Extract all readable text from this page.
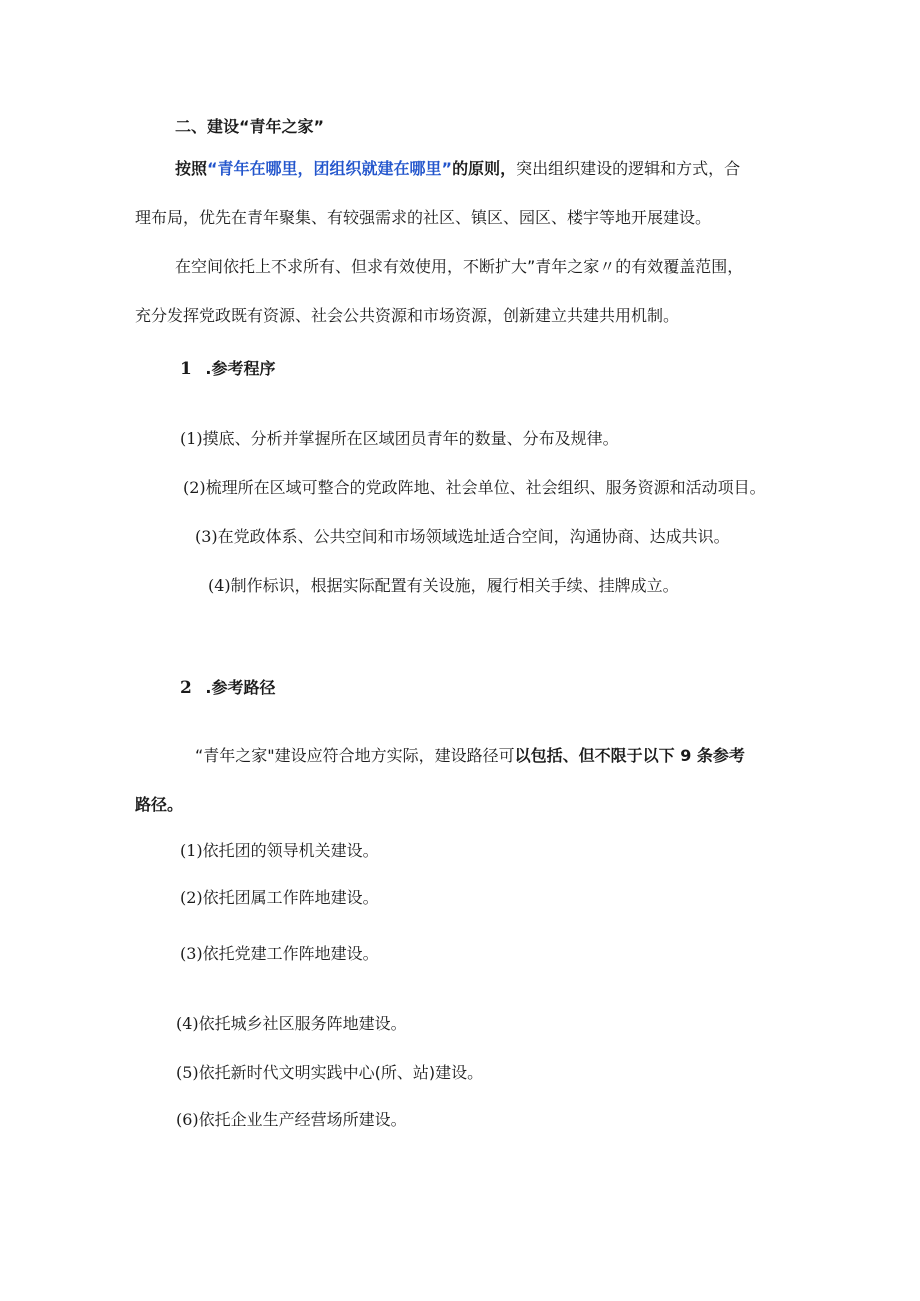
二、建设“青年之家”
按照“青年在哪里，团组织就建在哪里”的原则，突出组织建设的逻辑和方式，合
理布局，优先在青年聚集、有较强需求的社区、镇区、园区、楼宇等地开展建设。
在空间依托上不求所有、但求有效使用，不断扩大”青年之家〃的有效覆盖范围，
充分发挥党政既有资源、社会公共资源和市场资源，创新建立共建共用机制。
1 .参考程序
(1)摸底、分析并掌握所在区域团员青年的数量、分布及规律。
(2)梳理所在区域可整合的党政阵地、社会单位、社会组织、服务资源和活动项目。
(3)在党政体系、公共空间和市场领域选址适合空间，沟通协商、达成共识。
(4)制作标识，根据实际配置有关设施，履行相关手续、挂牌成立。
2 .参考路径
“青年之家"建设应符合地方实际，建设路径可以包括、但不限于以下 9 条参考
路径。
(1)依托团的领导机关建设。
(2)依托团属工作阵地建设。
(3)依托党建工作阵地建设。
(4)依托城乡社区服务阵地建设。
(5)依托新时代文明实践中心(所、站)建设。
(6)依托企业生产经营场所建设。
